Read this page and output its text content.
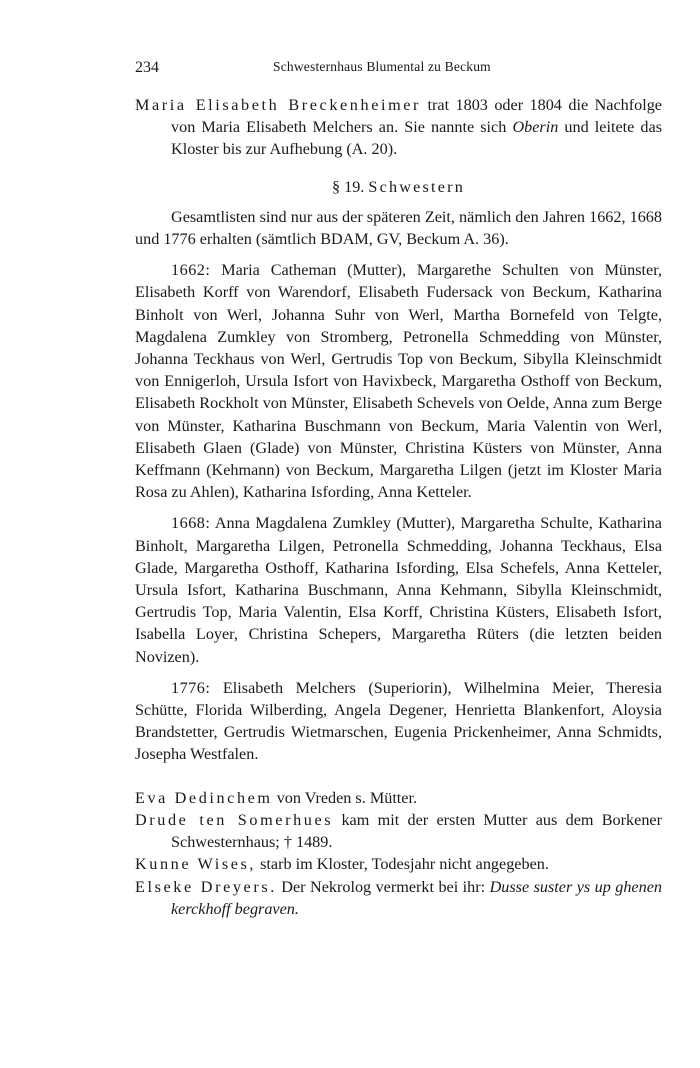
234	Schwesternhaus Blumental zu Beckum

Maria Elisabeth Breckenheimer trat 1803 oder 1804 die Nachfolge von Maria Elisabeth Melchers an. Sie nannte sich Oberin und leitete das Kloster bis zur Aufhebung (A. 20).

§ 19. Schwestern

Gesamtlisten sind nur aus der späteren Zeit, nämlich den Jahren 1662, 1668 und 1776 erhalten (sämtlich BDAM, GV, Beckum A. 36).

1662: Maria Catheman (Mutter), Margarethe Schulten von Münster, Elisabeth Korff von Warendorf, Elisabeth Fudersack von Beckum, Katharina Binholt von Werl, Johanna Suhr von Werl, Martha Bornefeld von Telgte, Magdalena Zumkley von Stromberg, Petronella Schmedding von Münster, Johanna Teckhaus von Werl, Gertrudis Top von Beckum, Sibylla Kleinschmidt von Ennigerloh, Ursula Isfort von Havixbeck, Margaretha Osthoff von Beckum, Elisabeth Rockholt von Münster, Elisabeth Schevels von Oelde, Anna zum Berge von Münster, Katharina Buschmann von Beckum, Maria Valentin von Werl, Elisabeth Glaen (Glade) von Münster, Christina Küsters von Münster, Anna Keffmann (Kehmann) von Beckum, Margaretha Lilgen (jetzt im Kloster Maria Rosa zu Ahlen), Katharina Isfording, Anna Ketteler.

1668: Anna Magdalena Zumkley (Mutter), Margaretha Schulte, Katharina Binholt, Margaretha Lilgen, Petronella Schmedding, Johanna Teckhaus, Elsa Glade, Margaretha Osthoff, Katharina Isfording, Elsa Schefels, Anna Ketteler, Ursula Isfort, Katharina Buschmann, Anna Kehmann, Sibylla Kleinschmidt, Gertrudis Top, Maria Valentin, Elsa Korff, Christina Küsters, Elisabeth Isfort, Isabella Loyer, Christina Schepers, Margaretha Rüters (die letzten beiden Novizen).

1776: Elisabeth Melchers (Superiorin), Wilhelmina Meier, Theresia Schütte, Florida Wilberding, Angela Degener, Henrietta Blankenfort, Aloysia Brandstetter, Gertrudis Wietmarschen, Eugenia Prickenheimer, Anna Schmidts, Josepha Westfalen.

Eva Dedinchem von Vreden s. Mütter.

Drude ten Somerhues kam mit der ersten Mutter aus dem Borkener Schwesternhaus; † 1489.

Kunne Wises, starb im Kloster, Todesjahr nicht angegeben.

Elseke Dreyers. Der Nekrolog vermerkt bei ihr: Dusse suster ys up ghenen kerckhoff begraven.
